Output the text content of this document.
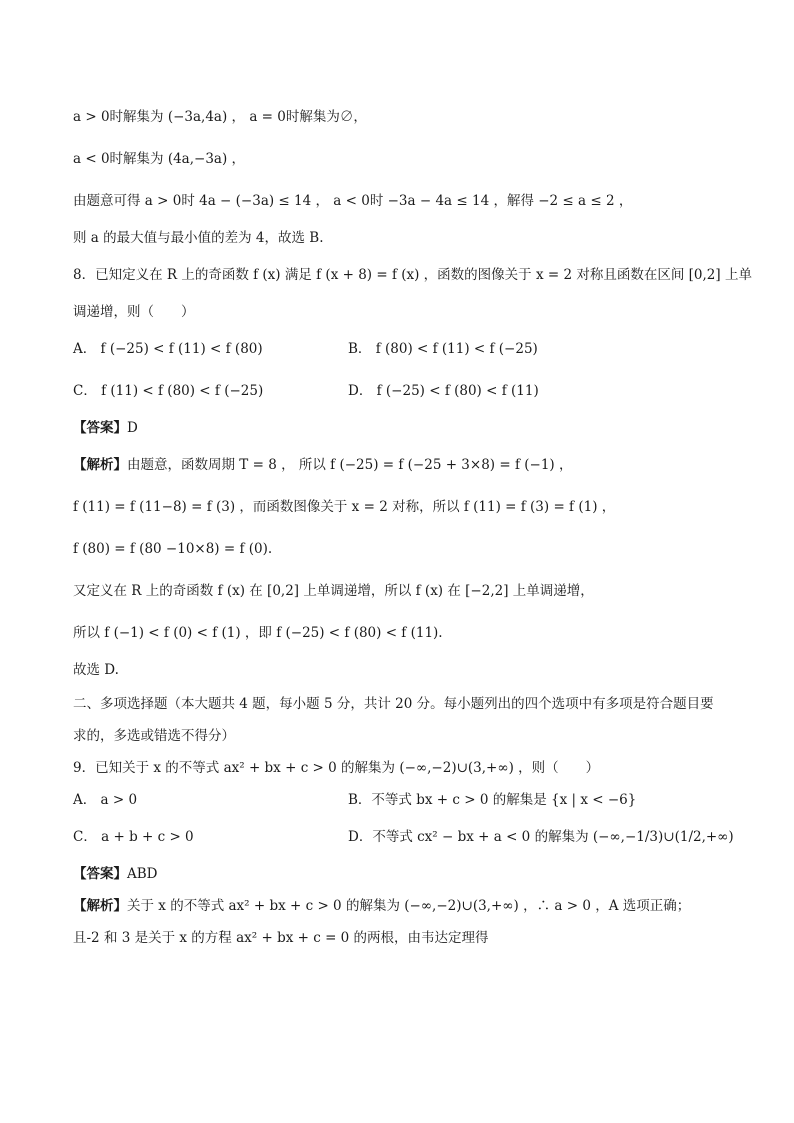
a > 0时解集为 (−3a,4a) ， a = 0时解集为∅，
a < 0时解集为 (4a,−3a) ，
由题意可得 a > 0时 4a − (−3a) ≤ 14 ， a < 0时 −3a − 4a ≤ 14 ，解得 −2 ≤ a ≤ 2 ，
则 a 的最大值与最小值的差为 4，故选 B.
8．已知定义在 R 上的奇函数 f (x) 满足 f (x + 8) = f (x) ，函数的图像关于 x = 2 对称且函数在区间 [0,2] 上单
调递增，则（　　）
A． f (−25) < f (11) < f (80)	B． f (80) < f (11) < f (−25)
C． f (11) < f (80) < f (−25)	D． f (−25) < f (80) < f (11)
【答案】D
【解析】由题意，函数周期 T = 8 ， 所以 f (−25) = f (−25 + 3×8) = f (−1) ，
f (11) = f (11−8) = f (3) ，而函数图像关于 x = 2 对称，所以 f (11) = f (3) = f (1) ，
f (80) = f (80 −10×8) = f (0).
又定义在 R 上的奇函数 f (x) 在 [0,2] 上单调递增，所以 f (x) 在 [−2,2] 上单调递增，
所以 f (−1) < f (0) < f (1) ，即 f (−25) < f (80) < f (11).
故选 D.
二、多项选择题（本大题共 4 题，每小题 5 分，共计 20 分。每小题列出的四个选项中有多项是符合题目要
求的，多选或错选不得分）
9．已知关于 x 的不等式 ax² + bx + c > 0 的解集为 (−∞,−2)∪(3,+∞) ，则（　　）
A． a > 0	B．不等式 bx + c > 0 的解集是 {x | x < −6}
C． a + b + c > 0	D．不等式 cx² − bx + a < 0 的解集为 (−∞,−1/3)∪(1/2,+∞)
【答案】ABD
【解析】关于 x 的不等式 ax² + bx + c > 0 的解集为 (−∞,−2)∪(3,+∞) ，∴ a > 0 ，A 选项正确；
且-2 和 3 是关于 x 的方程 ax² + bx + c = 0 的两根，由韦达定理得
